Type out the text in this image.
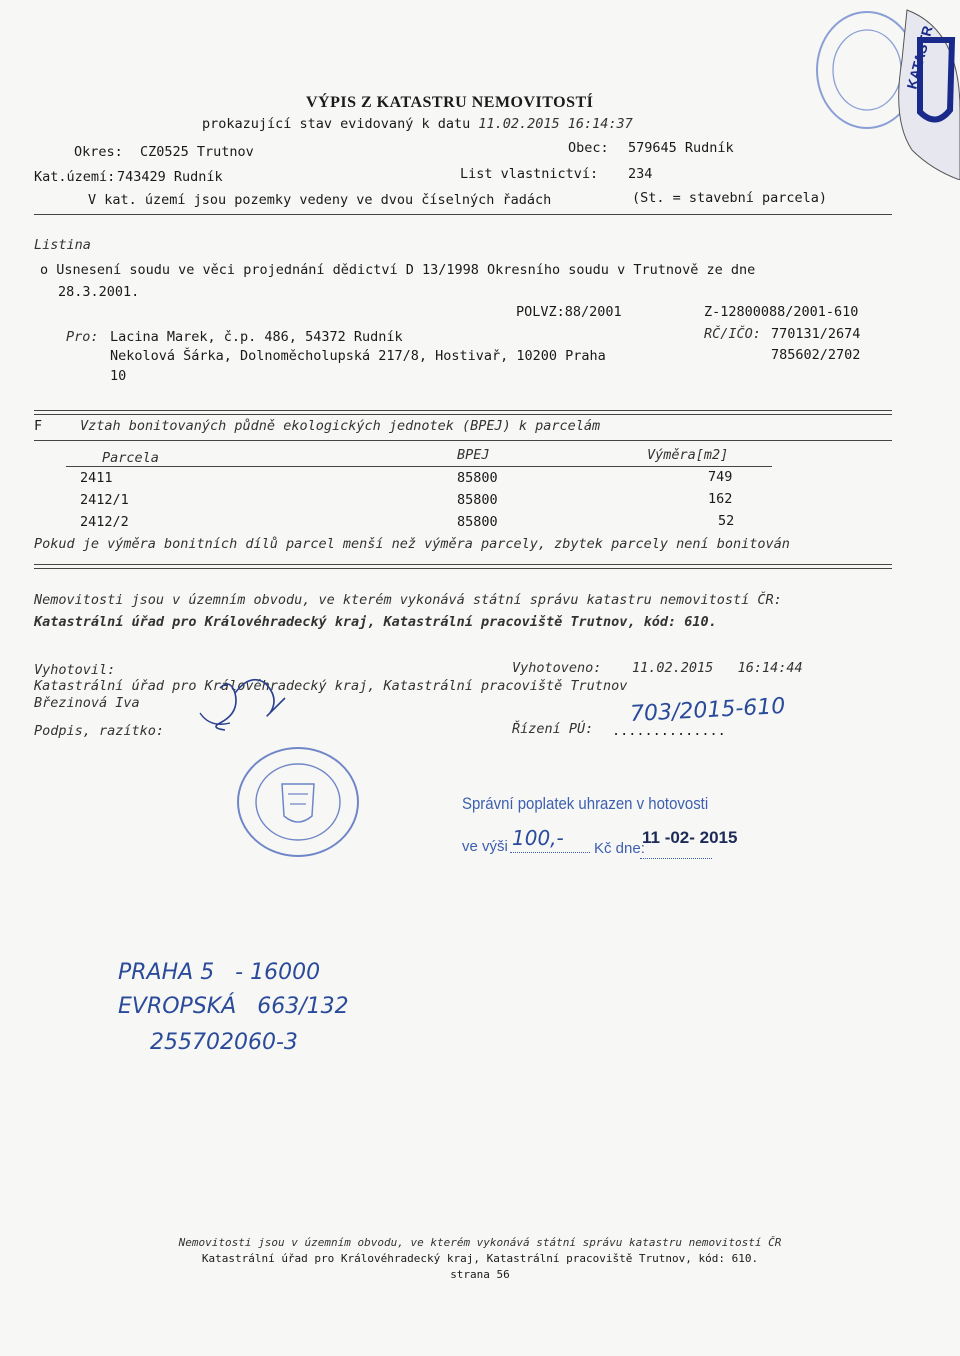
VÝPIS Z KATASTRU NEMOVITOSTÍ
prokazující stav evidovaný k datu 11.02.2015 16:14:37
Okres: CZ0525 Trutnov	Obec: 579645 Rudník
Kat.území: 743429 Rudník	List vlastnictví: 234
V kat. území jsou pozemky vedeny ve dvou číselných řadách	(St. = stavební parcela)
Listina
o Usnesení soudu ve věci projednání dědictví D 13/1998 Okresního soudu v Trutnově ze dne
28.3.2001.
POLVZ:88/2001	Z-12800088/2001-610
Pro: Lacina Marek, č.p. 486, 54372 Rudník	RČ/IČO: 770131/2674
Nekolová Šárka, Dolnoměcholupská 217/8, Hostivař, 10200 Praha	785602/2702
10
F	Vztah bonitovaných půdně ekologických jednotek (BPEJ) k parcelám
Parcela	BPEJ	Výměra[m2]
2411	85800	749
2412/1	85800	162
2412/2	85800	52
Pokud je výměra bonitních dílů parcel menší než výměra parcely, zbytek parcely není bonitován
Nemovitosti jsou v územním obvodu, ve kterém vykonává státní správu katastru nemovitostí ČR:
Katastrální úřad pro Královéhradecký kraj, Katastrální pracoviště Trutnov, kód: 610.
Vyhotovil:
Katastrální úřad pro Královéhradecký kraj, Katastrální pracoviště Trutnov
Březinová Iva
Podpis, razítko:
Vyhotoveno: 11.02.2015   16:14:44
Řízení PÚ: ..............
703/2015-610
KATASTR
Správní poplatek uhrazen v hotovosti
ve výši 100,- Kč dne:
11 -02- 2015
PRAHA 5   - 16000
EVROPSKÁ   663/132
255702060-3
Nemovitosti jsou v územním obvodu, ve kterém vykonává státní správu katastru nemovitostí ČR
Katastrální úřad pro Královéhradecký kraj, Katastrální pracoviště Trutnov, kód: 610.
strana 56
